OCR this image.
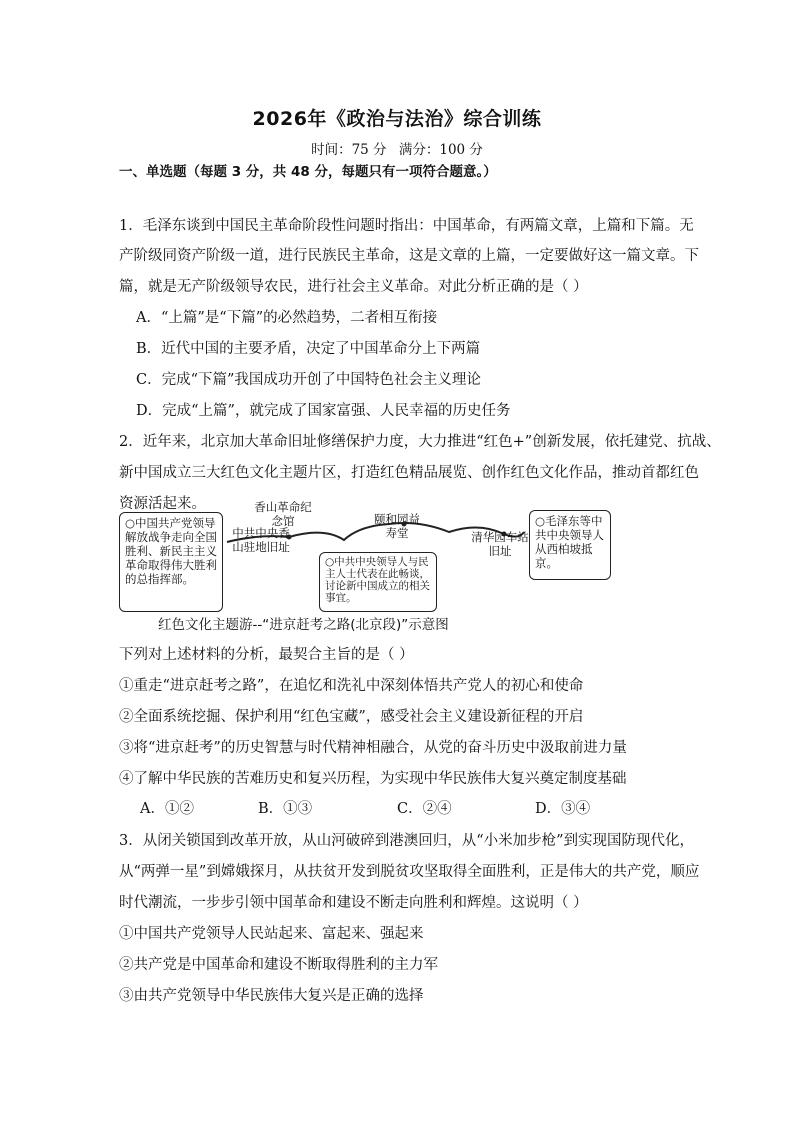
2026年《政治与法治》综合训练
时间：75 分 满分：100 分
一、单选题（每题 3 分，共 48 分，每题只有一项符合题意。）
1．毛泽东谈到中国民主革命阶段性问题时指出：中国革命，有两篇文章，上篇和下篇。无
产阶级同资产阶级一道，进行民族民主革命，这是文章的上篇，一定要做好这一篇文章。下
篇，就是无产阶级领导农民，进行社会主义革命。对此分析正确的是（ ）
A．“上篇”是“下篇”的必然趋势，二者相互衔接
B．近代中国的主要矛盾，决定了中国革命分上下两篇
C．完成“下篇”我国成功开创了中国特色社会主义理论
D．完成“上篇”，就完成了国家富强、人民幸福的历史任务
2．近年来，北京加大革命旧址修缮保护力度，大力推进“红色+”创新发展，依托建党、抗战、
新中国成立三大红色文化主题片区，打造红色精品展览、创作红色文化作品，推动首都红色
资源活起来。
○中国共产党领导解放战争走向全国胜利、新民主主义革命取得伟大胜利的总指挥部。
中共中央香山驻地旧址
香山革命纪念馆	颐和园益寿堂	清华园车站旧址
○中共中央领导人与民主人士代表在此畅谈，讨论新中国成立的相关事宜。
○毛泽东等中共中央领导人从西柏坡抵京。
红色文化主题游--“进京赶考之路(北京段)”示意图
下列对上述材料的分析，最契合主旨的是（ ）
①重走“进京赶考之路”，在追忆和洗礼中深刻体悟共产党人的初心和使命
②全面系统挖掘、保护利用“红色宝藏”，感受社会主义建设新征程的开启
③将“进京赶考”的历史智慧与时代精神相融合，从党的奋斗历史中汲取前进力量
④了解中华民族的苦难历史和复兴历程，为实现中华民族伟大复兴奠定制度基础
A．①②	B．①③	C．②④	D．③④
3．从闭关锁国到改革开放，从山河破碎到港澳回归，从“小米加步枪”到实现国防现代化，
从“两弹一星”到嫦娥探月，从扶贫开发到脱贫攻坚取得全面胜利，正是伟大的共产党，顺应
时代潮流，一步步引领中国革命和建设不断走向胜利和辉煌。这说明（ ）
①中国共产党领导人民站起来、富起来、强起来
②共产党是中国革命和建设不断取得胜利的主力军
③由共产党领导中华民族伟大复兴是正确的选择
